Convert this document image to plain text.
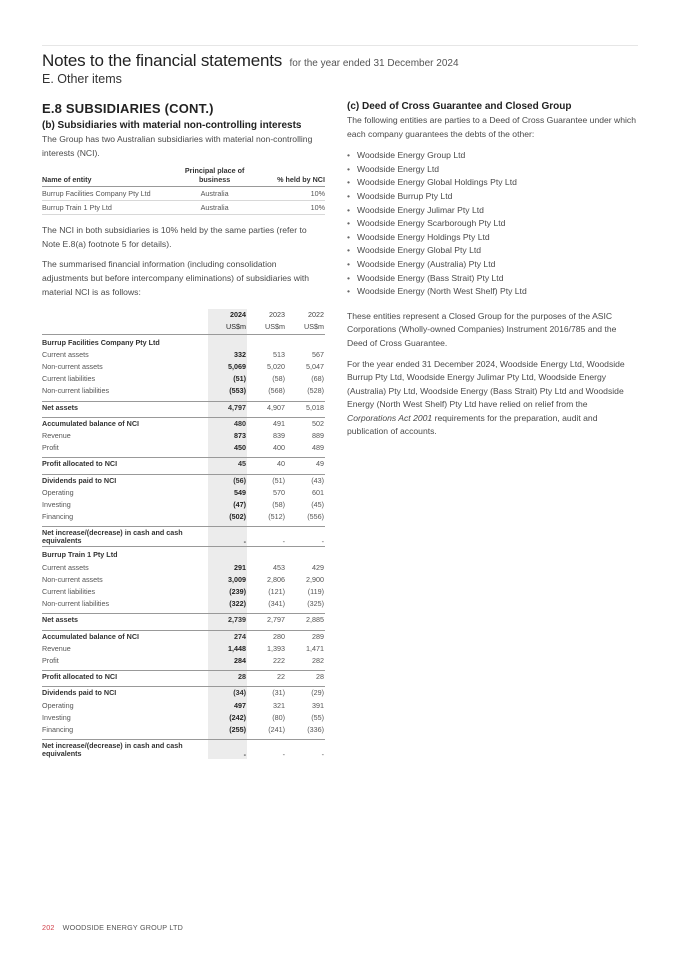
Notes to the financial statements for the year ended 31 December 2024
E. Other items
E.8 SUBSIDIARIES (CONT.)
(b) Subsidiaries with material non-controlling interests

The Group has two Australian subsidiaries with material non-controlling interests (NCI).

Name of entity	Principal place of business	% held by NCI
Burrup Facilities Company Pty Ltd	Australia	10%
Burrup Train 1 Pty Ltd	Australia	10%

The NCI in both subsidiaries is 10% held by the same parties (refer to Note E.8(a) footnote 5 for details).

The summarised financial information (including consolidation adjustments but before intercompany eliminations) of subsidiaries with material NCI is as follows:

	2024	2023	2022
	US$m	US$m	US$m
Burrup Facilities Company Pty Ltd			
Current assets	332	513	567
Non-current assets	5,069	5,020	5,047
Current liabilities	(51)	(58)	(68)
Non-current liabilities	(553)	(568)	(528)

Net assets	4,797	4,907	5,018

Accumulated balance of NCI	480	491	502
Revenue	873	839	889
Profit	450	400	489

Profit allocated to NCI	45	40	49

Dividends paid to NCI	(56)	(51)	(43)
Operating	549	570	601
Investing	(47)	(58)	(45)
Financing	(502)	(512)	(556)

Net increase/(decrease) in cash and cash equivalents	-	-	-
Burrup Train 1 Pty Ltd			
Current assets	291	453	429
Non-current assets	3,009	2,806	2,900
Current liabilities	(239)	(121)	(119)
Non-current liabilities	(322)	(341)	(325)

Net assets	2,739	2,797	2,885

Accumulated balance of NCI	274	280	289
Revenue	1,448	1,393	1,471
Profit	284	222	282

Profit allocated to NCI	28	22	28

Dividends paid to NCI	(34)	(31)	(29)
Operating	497	321	391
Investing	(242)	(80)	(55)
Financing	(255)	(241)	(336)

Net increase/(decrease) in cash and cash equivalents	-	-	-
(c) Deed of Cross Guarantee and Closed Group

The following entities are parties to a Deed of Cross Guarantee under which each company guarantees the debts of the other:

• Woodside Energy Group Ltd
• Woodside Energy Ltd
• Woodside Energy Global Holdings Pty Ltd
• Woodside Burrup Pty Ltd
• Woodside Energy Julimar Pty Ltd
• Woodside Energy Scarborough Pty Ltd
• Woodside Energy Holdings Pty Ltd
• Woodside Energy Global Pty Ltd
• Woodside Energy (Australia) Pty Ltd
• Woodside Energy (Bass Strait) Pty Ltd
• Woodside Energy (North West Shelf) Pty Ltd

These entities represent a Closed Group for the purposes of the ASIC Corporations (Wholly-owned Companies) Instrument 2016/785 and the Deed of Cross Guarantee.

For the year ended 31 December 2024, Woodside Energy Ltd, Woodside Burrup Pty Ltd, Woodside Energy Julimar Pty Ltd, Woodside Energy (Australia) Pty Ltd, Woodside Energy (Bass Strait) Pty Ltd and Woodside Energy (North West Shelf) Pty Ltd have relied on relief from the Corporations Act 2001 requirements for the preparation, audit and publication of accounts.

202 WOODSIDE ENERGY GROUP LTD
